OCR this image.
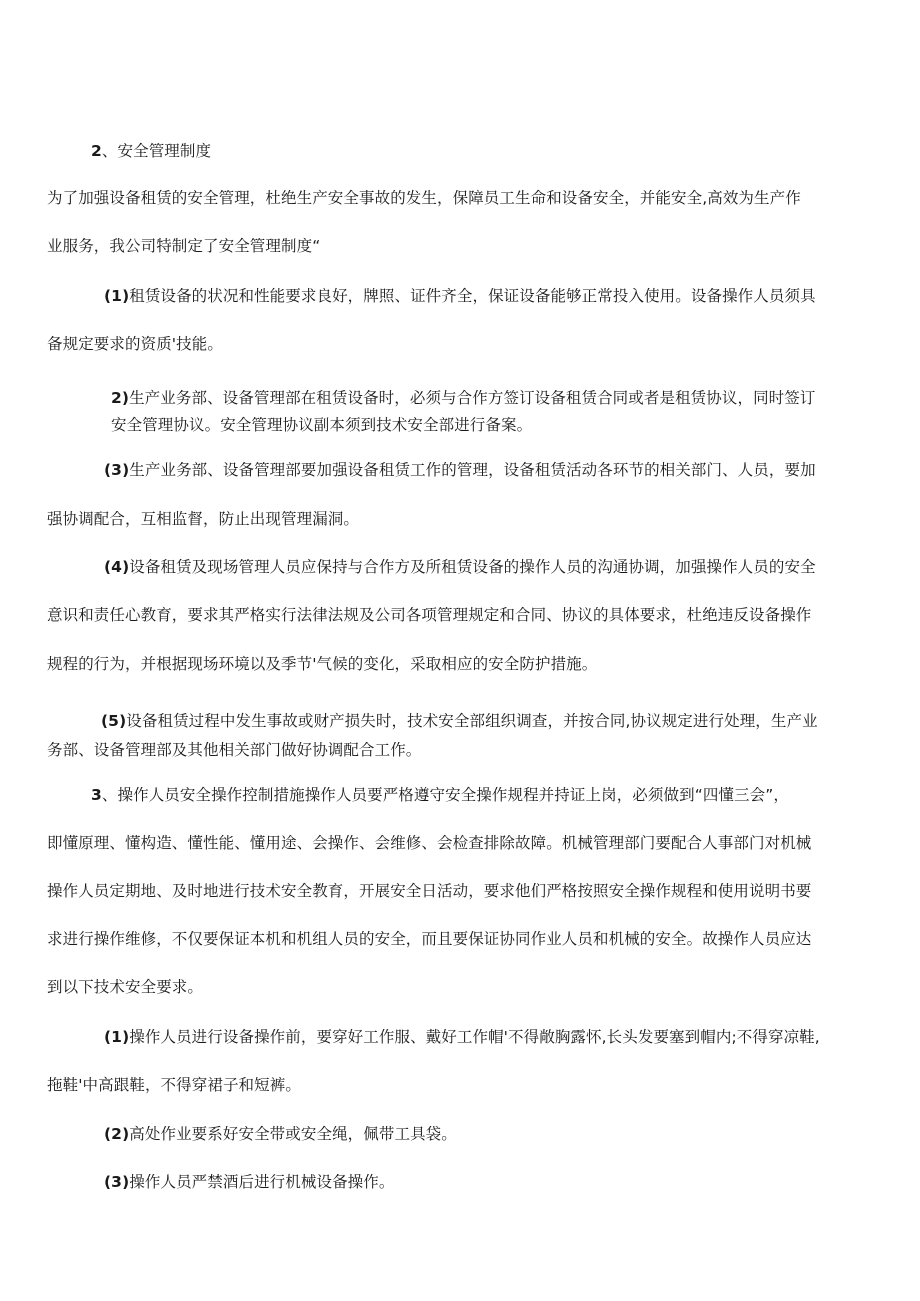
2、安全管理制度
为了加强设备租赁的安全管理，杜绝生产安全事故的发生，保障员工生命和设备安全，并能安全,高效为生产作
业服务，我公司特制定了安全管理制度“
(1)租赁设备的状况和性能要求良好，牌照、证件齐全，保证设备能够正常投入使用。设备操作人员须具
备规定要求的资质'技能。
2)生产业务部、设备管理部在租赁设备时，必须与合作方签订设备租赁合同或者是租赁协议，同时签订
安全管理协议。安全管理协议副本须到技术安全部进行备案。
(3)生产业务部、设备管理部要加强设备租赁工作的管理，设备租赁活动各环节的相关部门、人员，要加
强协调配合，互相监督，防止出现管理漏洞。
(4)设备租赁及现场管理人员应保持与合作方及所租赁设备的操作人员的沟通协调，加强操作人员的安全
意识和责任心教育，要求其严格实行法律法规及公司各项管理规定和合同、协议的具体要求，杜绝违反设备操作
规程的行为，并根据现场环境以及季节'气候的变化，采取相应的安全防护措施。
(5)设备租赁过程中发生事故或财产损失时，技术安全部组织调查，并按合同,协议规定进行处理，生产业
务部、设备管理部及其他相关部门做好协调配合工作。
3、操作人员安全操作控制措施操作人员要严格遵守安全操作规程并持证上岗，必须做到“四懂三会”，
即懂原理、懂构造、懂性能、懂用途、会操作、会维修、会检查排除故障。机械管理部门要配合人事部门对机械
操作人员定期地、及时地进行技术安全教育，开展安全日活动，要求他们严格按照安全操作规程和使用说明书要
求进行操作维修，不仅要保证本机和机组人员的安全，而且要保证协同作业人员和机械的安全。故操作人员应达
到以下技术安全要求。
(1)操作人员进行设备操作前，要穿好工作服、戴好工作帽'不得敞胸露怀,长头发要塞到帽内;不得穿凉鞋,
拖鞋'中高跟鞋，不得穿裙子和短裤。
(2)高处作业要系好安全带或安全绳，佩带工具袋。
(3)操作人员严禁酒后进行机械设备操作。
